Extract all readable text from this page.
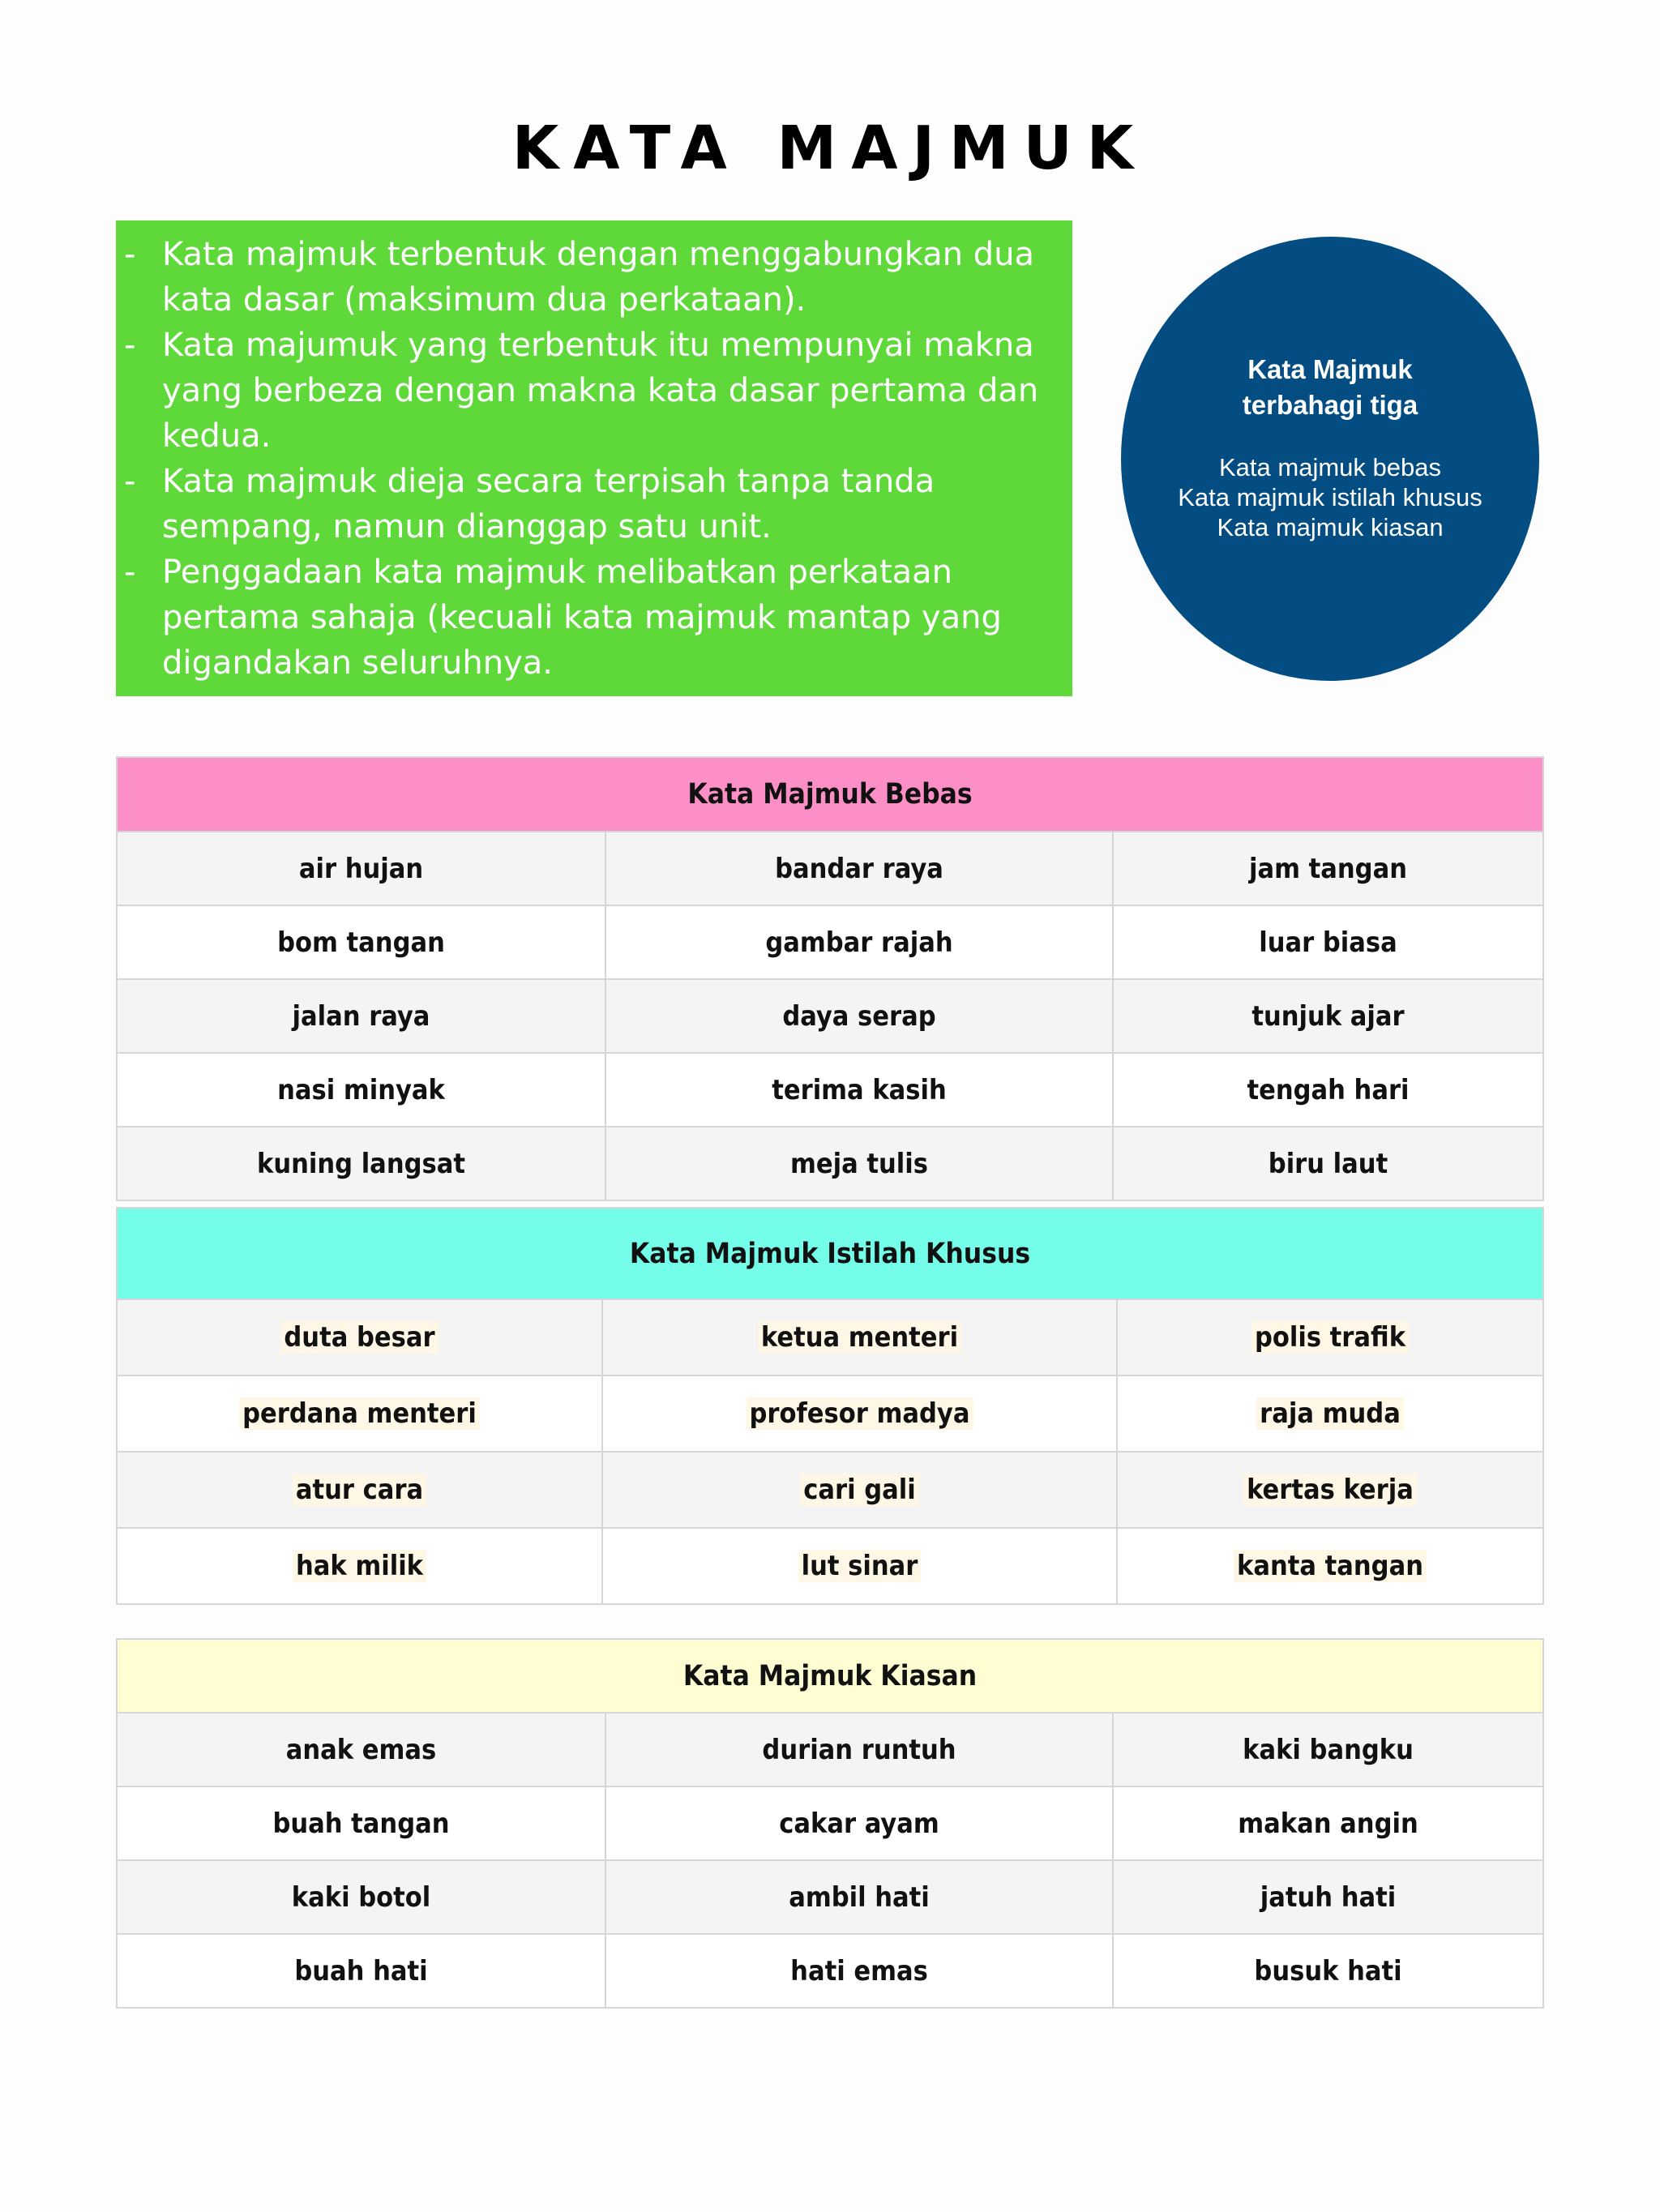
KATA MAJMUK
- Kata majmuk terbentuk dengan menggabungkan dua kata dasar (maksimum dua perkataan).
- Kata majumuk yang terbentuk itu mempunyai makna yang berbeza dengan makna kata dasar pertama dan kedua.
- Kata majmuk dieja secara terpisah tanpa tanda sempang, namun dianggap satu unit.
- Penggadaan kata majmuk melibatkan perkataan pertama sahaja (kecuali kata majmuk mantap yang digandakan seluruhnya.
Kata Majmuk terbahagi tiga
Kata majmuk bebas
Kata majmuk istilah khusus
Kata majmuk kiasan
Kata Majmuk Bebas		
air hujan	bandar raya	jam tangan
bom tangan	gambar rajah	luar biasa
jalan raya	daya serap	tunjuk ajar
nasi minyak	terima kasih	tengah hari
kuning langsat	meja tulis	biru laut
Kata Majmuk Istilah Khusus		
duta besar	ketua menteri	polis trafik
perdana menteri	profesor madya	raja muda
atur cara	cari gali	kertas kerja
hak milik	lut sinar	kanta tangan
Kata Majmuk Kiasan		
anak emas	durian runtuh	kaki bangku
buah tangan	cakar ayam	makan angin
kaki botol	ambil hati	jatuh hati
buah hati	hati emas	busuk hati
